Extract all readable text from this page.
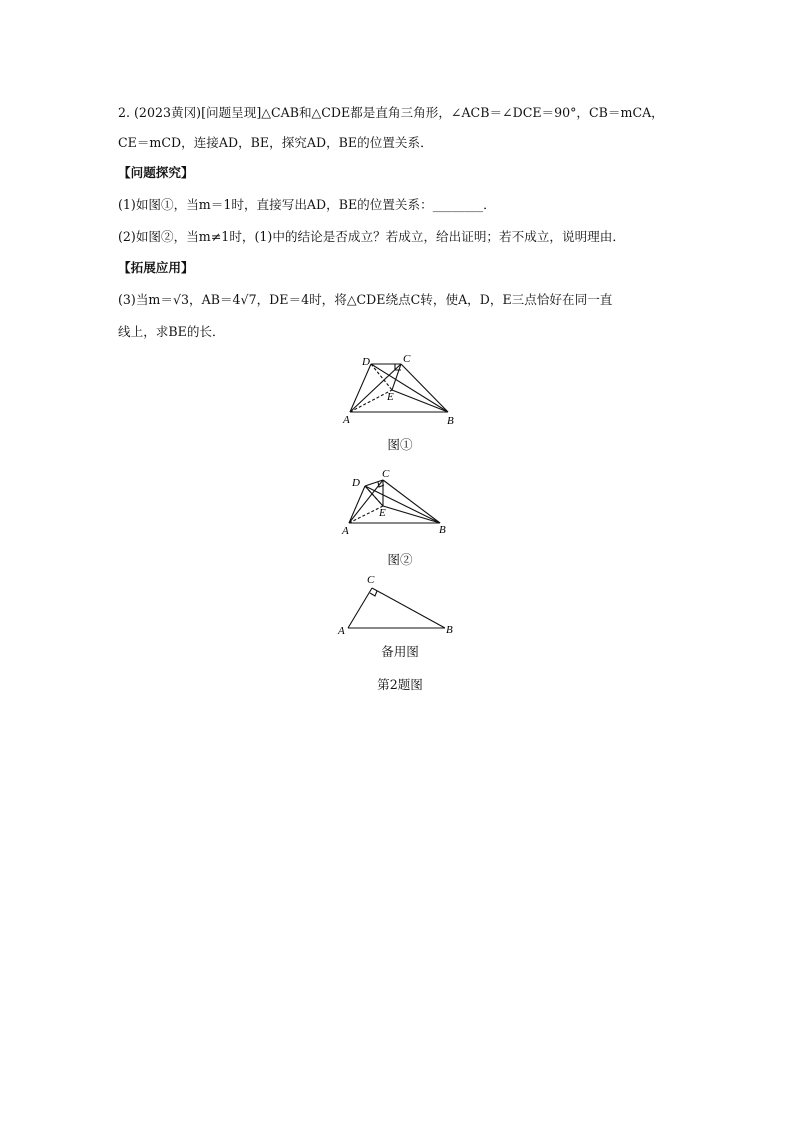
2. (2023黄冈)[问题呈现]△CAB和△CDE都是直角三角形，∠ACB＝∠DCE＝90°，CB＝mCA，
CE＝mCD，连接AD，BE，探究AD，BE的位置关系．
【问题探究】
(1)如图①，当m＝1时，直接写出AD，BE的位置关系：________．
(2)如图②，当m≠1时，(1)中的结论是否成立？若成立，给出证明；若不成立，说明理由．
【拓展应用】
(3)当m＝√3，AB＝4√7，DE＝4时，将△CDE绕点C转，使A，D，E三点恰好在同一直
线上，求BE的长．
A	B
C
D
E
图①
A	B
C
D
E
图②
A	B
C
备用图
第2题图
